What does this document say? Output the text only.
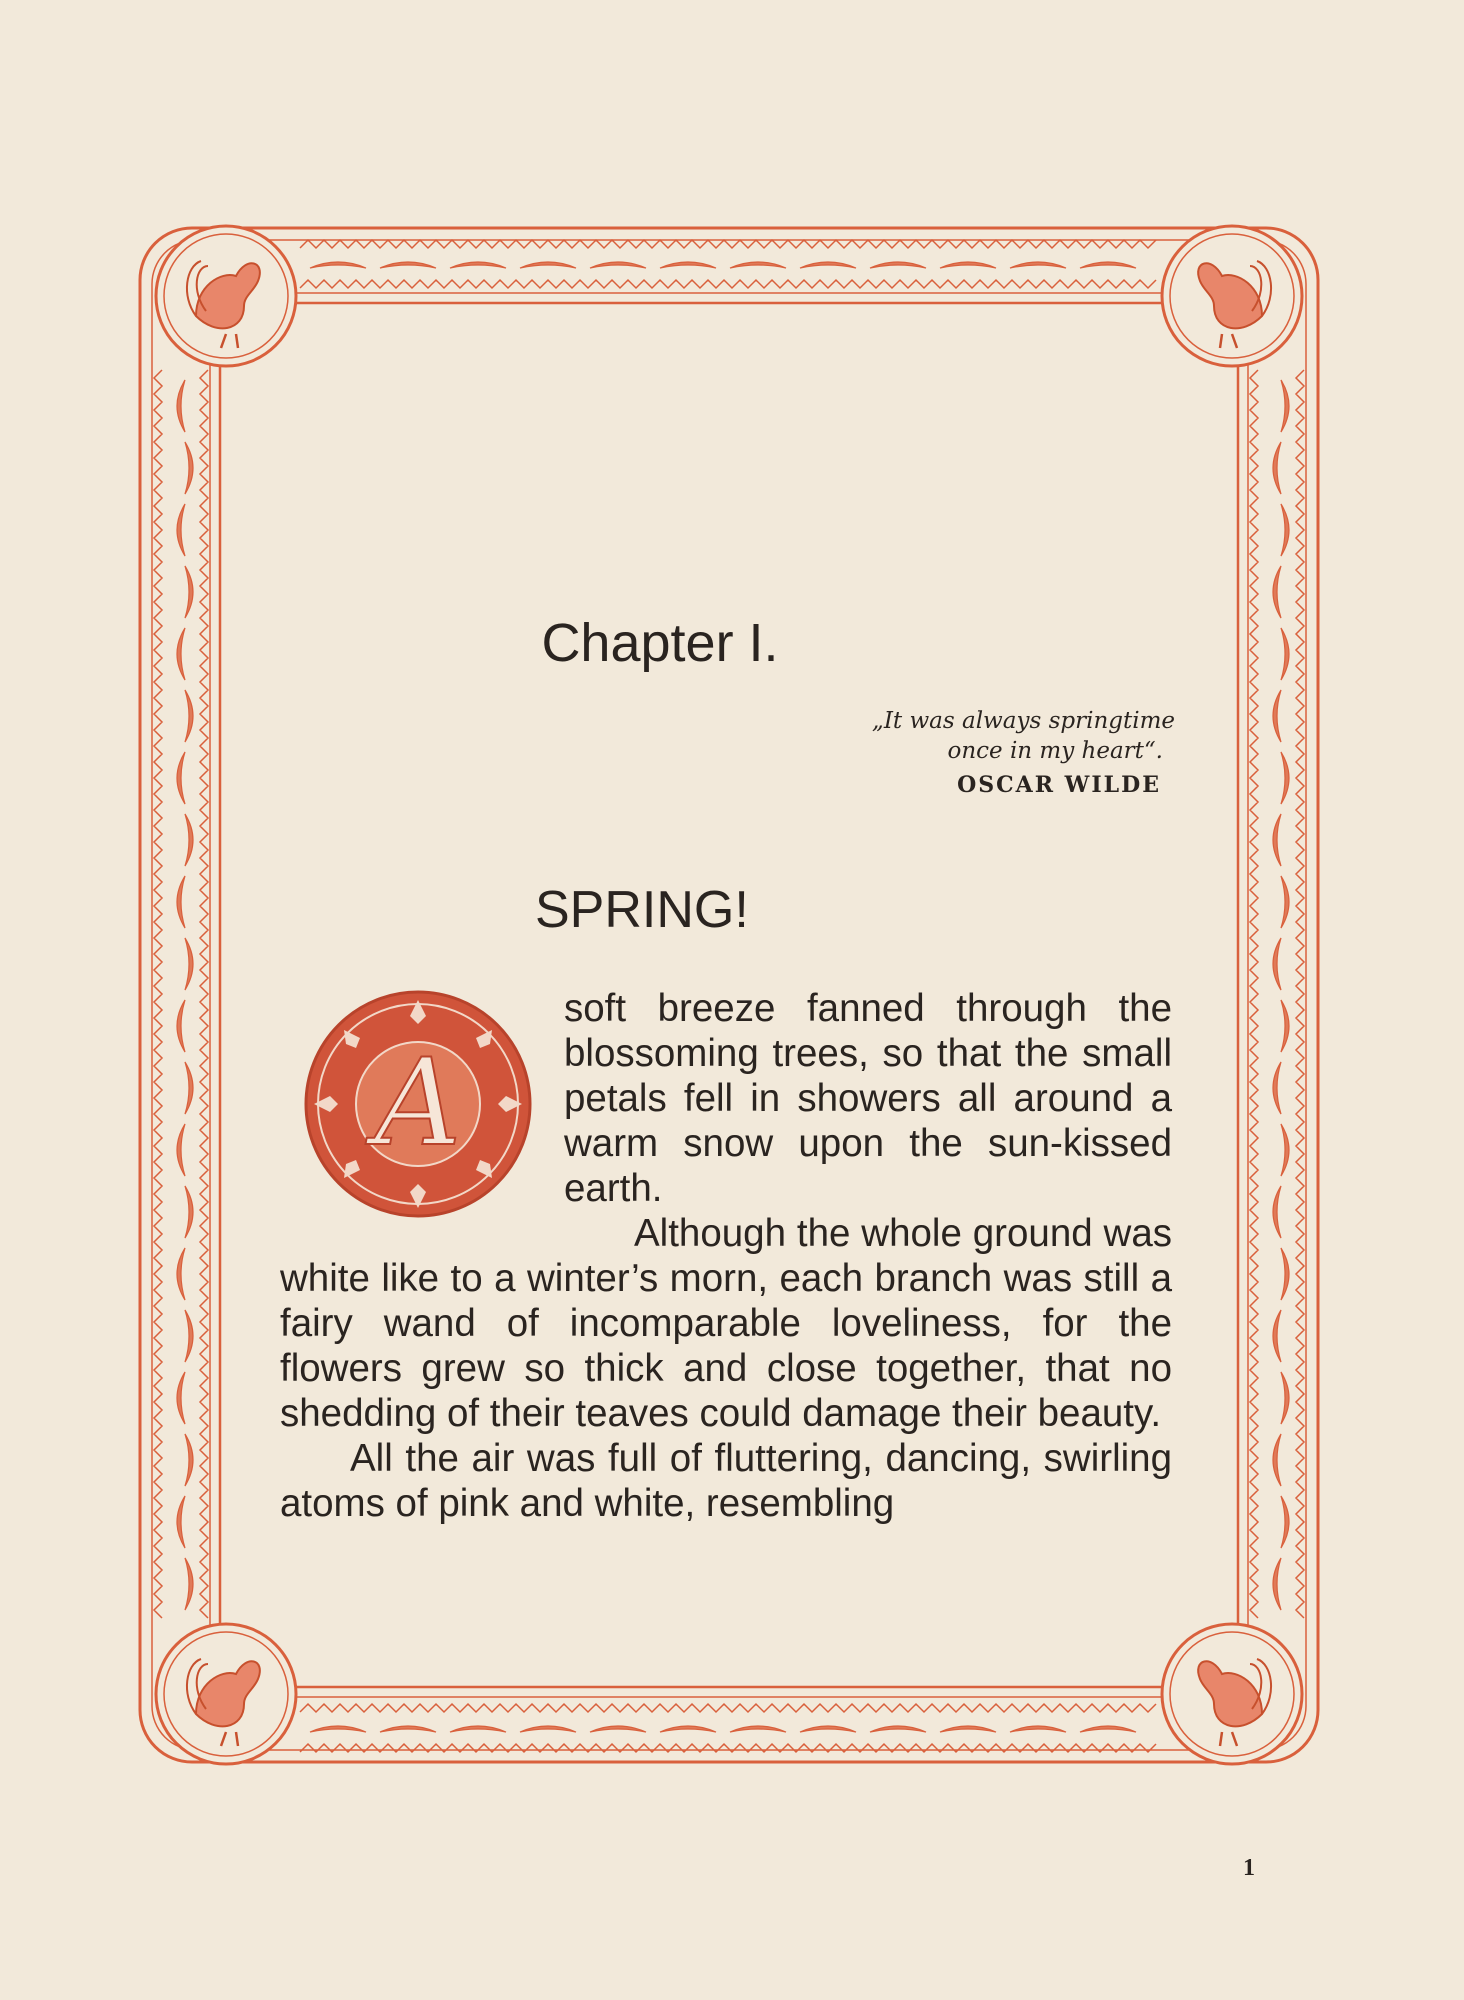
Chapter I.
„It was always springtime
once in my heart“.
OSCAR WILDE
SPRING!
A

soft breeze fanned through the blossoming trees, so that the small petals fell in showers all around a warm snow upon the sun-kissed earth.

Although the whole ground was white like to a winter’s morn, each branch was still a fairy wand of incomparable loveliness, for the flowers grew so thick and close together, that no shedding of their teaves could damage their beauty.

All the air was full of fluttering, dancing, swirling atoms of pink and white, resembling

1
